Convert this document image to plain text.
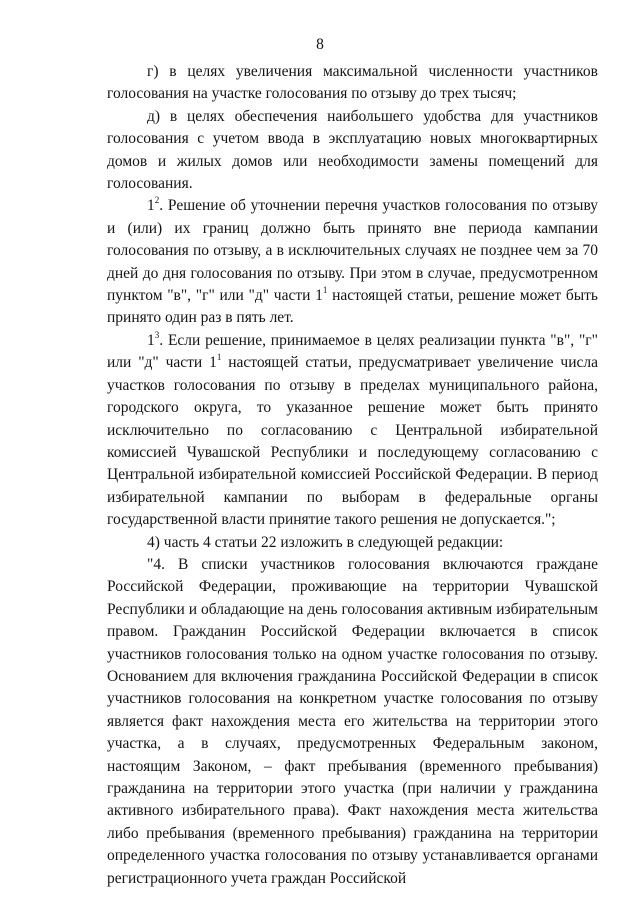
8

г) в целях увеличения максимальной численности участников голосования на участке голосования по отзыву до трех тысяч;

д) в целях обеспечения наибольшего удобства для участников голосования с учетом ввода в эксплуатацию новых многоквартирных домов и жилых домов или необходимости замены помещений для голосования.

$1^2$. Решение об уточнении перечня участков голосования по отзыву и (или) их границ должно быть принято вне периода кампании голосования по отзыву, а в исключительных случаях не позднее чем за 70 дней до дня голосования по отзыву. При этом в случае, предусмотренном пунктом "в", "г" или "д" части $1^1$ настоящей статьи, решение может быть принято один раз в пять лет.

$1^3$. Если решение, принимаемое в целях реализации пункта "в", "г" или "д" части $1^1$ настоящей статьи, предусматривает увеличение числа участков голосования по отзыву в пределах муниципального района, городского округа, то указанное решение может быть принято исключительно по согласованию с Центральной избирательной комиссией Чувашской Республики и последующему согласованию с Центральной избирательной комиссией Российской Федерации. В период избирательной кампании по выборам в федеральные органы государственной власти принятие такого решения не допускается.";

4) часть 4 статьи 22 изложить в следующей редакции:

"4. В списки участников голосования включаются граждане Российской Федерации, проживающие на территории Чувашской Республики и обладающие на день голосования активным избирательным правом. Гражданин Российской Федерации включается в список участников голосования только на одном участке голосования по отзыву. Основанием для включения гражданина Российской Федерации в список участников голосования на конкретном участке голосования по отзыву является факт нахождения места его жительства на территории этого участка, а в случаях, предусмотренных Федеральным законом, настоящим Законом, – факт пребывания (временного пребывания) гражданина на территории этого участка (при наличии у гражданина активного избирательного права). Факт нахождения места жительства либо пребывания (временного пребывания) гражданина на территории определенного участка голосования по отзыву устанавливается органами регистрационного учета граждан Российской
